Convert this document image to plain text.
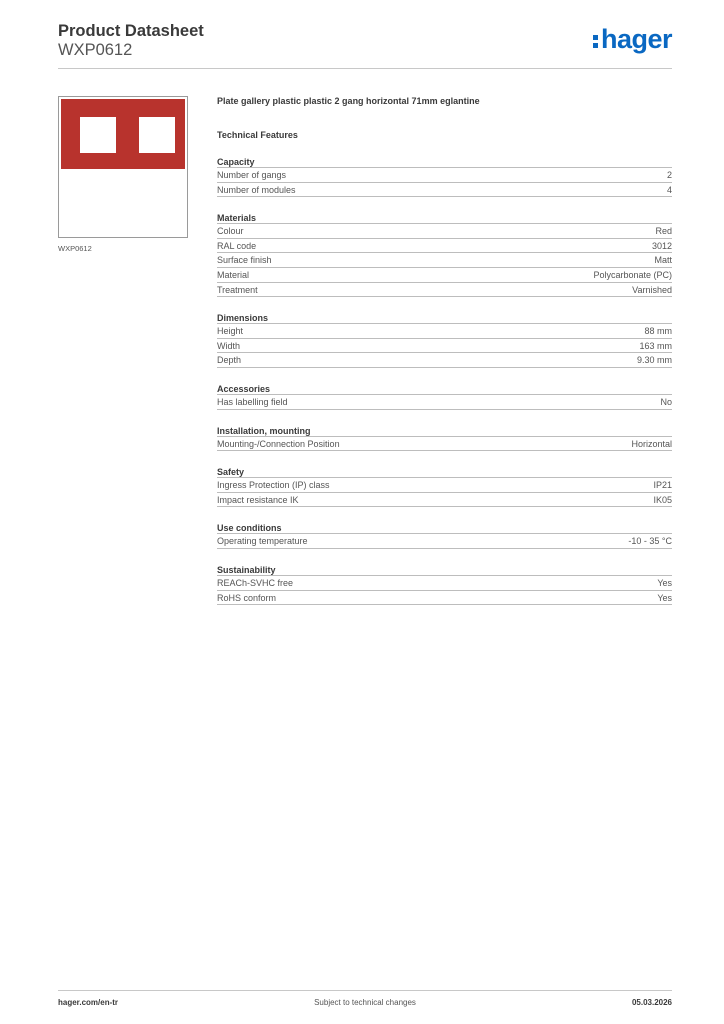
Product Datasheet
WXP0612	hager
WXP0612
Plate gallery plastic plastic 2 gang horizontal 71mm eglantine
Technical Features
Capacity
Number of gangs	2
Number of modules	4
Materials
Colour	Red
RAL code	3012
Surface finish	Matt
Material	Polycarbonate (PC)
Treatment	Varnished
Dimensions
Height	88 mm
Width	163 mm
Depth	9.30 mm
Accessories
Has labelling field	No
Installation, mounting
Mounting-/Connection Position	Horizontal
Safety
Ingress Protection (IP) class	IP21
Impact resistance IK	IK05
Use conditions
Operating temperature	-10 - 35 °C
Sustainability
REACh-SVHC free	Yes
RoHS conform	Yes
hager.com/en-tr	Subject to technical changes	05.03.2026
